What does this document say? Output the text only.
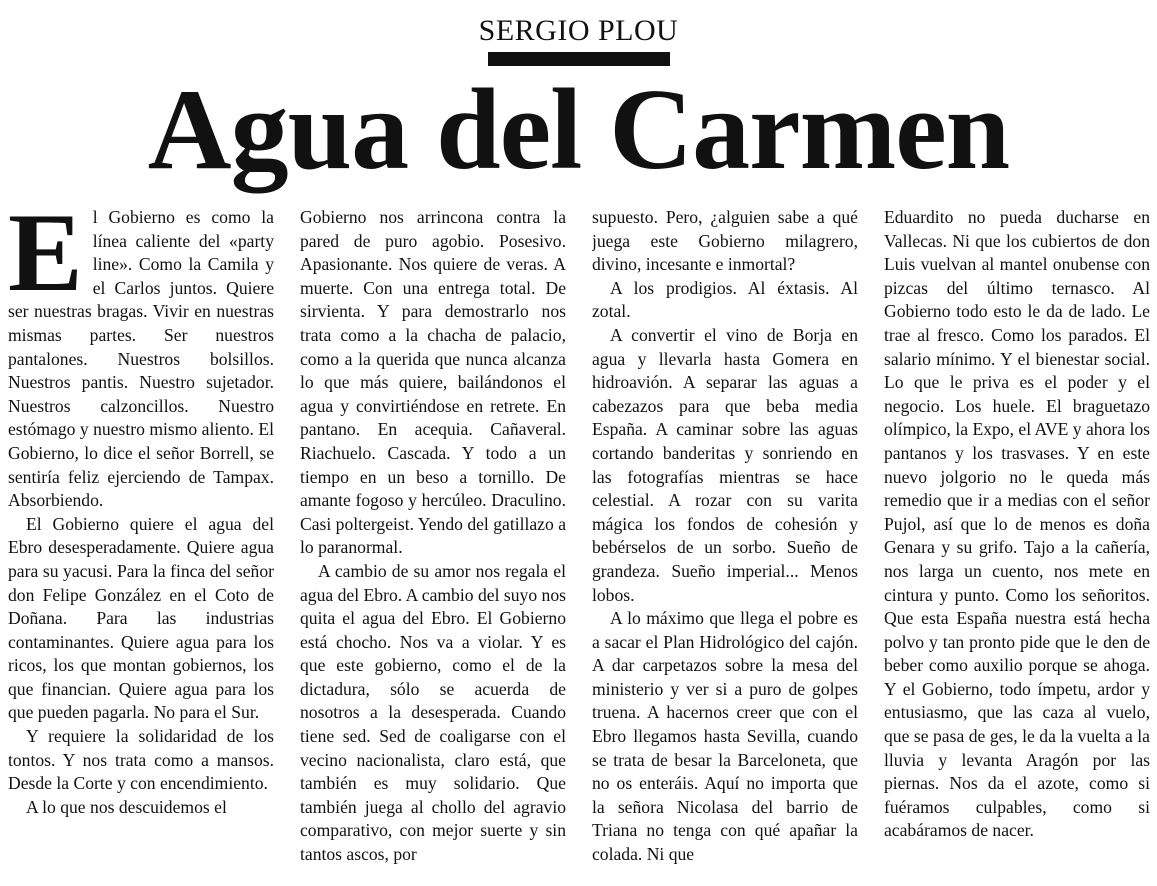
SERGIO PLOU
Agua del Carmen

El Gobierno es como la línea caliente del «party line». Como la Camila y el Carlos juntos. Quiere ser nuestras bragas. Vivir en nuestras mismas partes. Ser nuestros pantalones. Nuestros bolsillos. Nuestros pantis. Nuestro sujetador. Nuestros calzoncillos. Nuestro estómago y nuestro mismo aliento. El Gobierno, lo dice el señor Borrell, se sentiría feliz ejerciendo de Tampax. Absorbiendo.

El Gobierno quiere el agua del Ebro desesperadamente. Quiere agua para su yacusi. Para la finca del señor don Felipe González en el Coto de Doñana. Para las industrias contaminantes. Quiere agua para los ricos, los que montan gobiernos, los que financian. Quiere agua para los que pueden pagarla. No para el Sur.

Y requiere la solidaridad de los tontos. Y nos trata como a mansos. Desde la Corte y con encendimiento.

A lo que nos descuidemos el

Gobierno nos arrincona contra la pared de puro agobio. Posesivo. Apasionante. Nos quiere de veras. A muerte. Con una entrega total. De sirvienta. Y para demostrarlo nos trata como a la chacha de palacio, como a la querida que nunca alcanza lo que más quiere, bailándonos el agua y convirtiéndose en retrete. En pantano. En acequia. Cañaveral. Riachuelo. Cascada. Y todo a un tiempo en un beso a tornillo. De amante fogoso y hercúleo. Draculino. Casi poltergeist. Yendo del gatillazo a lo paranormal.

A cambio de su amor nos regala el agua del Ebro. A cambio del suyo nos quita el agua del Ebro. El Gobierno está chocho. Nos va a violar. Y es que este gobierno, como el de la dictadura, sólo se acuerda de nosotros a la desesperada. Cuando tiene sed. Sed de coaligarse con el vecino nacionalista, claro está, que también es muy solidario. Que también juega al chollo del agravio comparativo, con mejor suerte y sin tantos ascos, por

supuesto. Pero, ¿alguien sabe a qué juega este Gobierno milagrero, divino, incesante e inmortal?

A los prodigios. Al éxtasis. Al zotal.

A convertir el vino de Borja en agua y llevarla hasta Gomera en hidroavión. A separar las aguas a cabezazos para que beba media España. A caminar sobre las aguas cortando banderitas y sonriendo en las fotografías mientras se hace celestial. A rozar con su varita mágica los fondos de cohesión y bebérselos de un sorbo. Sueño de grandeza. Sueño imperial... Menos lobos.

A lo máximo que llega el pobre es a sacar el Plan Hidrológico del cajón. A dar carpetazos sobre la mesa del ministerio y ver si a puro de golpes truena. A hacernos creer que con el Ebro llegamos hasta Sevilla, cuando se trata de besar la Barceloneta, que no os enteráis. Aquí no importa que la señora Nicolasa del barrio de Triana no tenga con qué apañar la colada. Ni que

Eduardito no pueda ducharse en Vallecas. Ni que los cubiertos de don Luis vuelvan al mantel onubense con pizcas del último ternasco. Al Gobierno todo esto le da de lado. Le trae al fresco. Como los parados. El salario mínimo. Y el bienestar social. Lo que le priva es el poder y el negocio. Los huele. El braguetazo olímpico, la Expo, el AVE y ahora los pantanos y los trasvases. Y en este nuevo jolgorio no le queda más remedio que ir a medias con el señor Pujol, así que lo de menos es doña Genara y su grifo. Tajo a la cañería, nos larga un cuento, nos mete en cintura y punto. Como los señoritos. Que esta España nuestra está hecha polvo y tan pronto pide que le den de beber como auxilio porque se ahoga. Y el Gobierno, todo ímpetu, ardor y entusiasmo, que las caza al vuelo, que se pasa de ges, le da la vuelta a la lluvia y levanta Aragón por las piernas. Nos da el azote, como si fuéramos culpables, como si acabáramos de nacer.
